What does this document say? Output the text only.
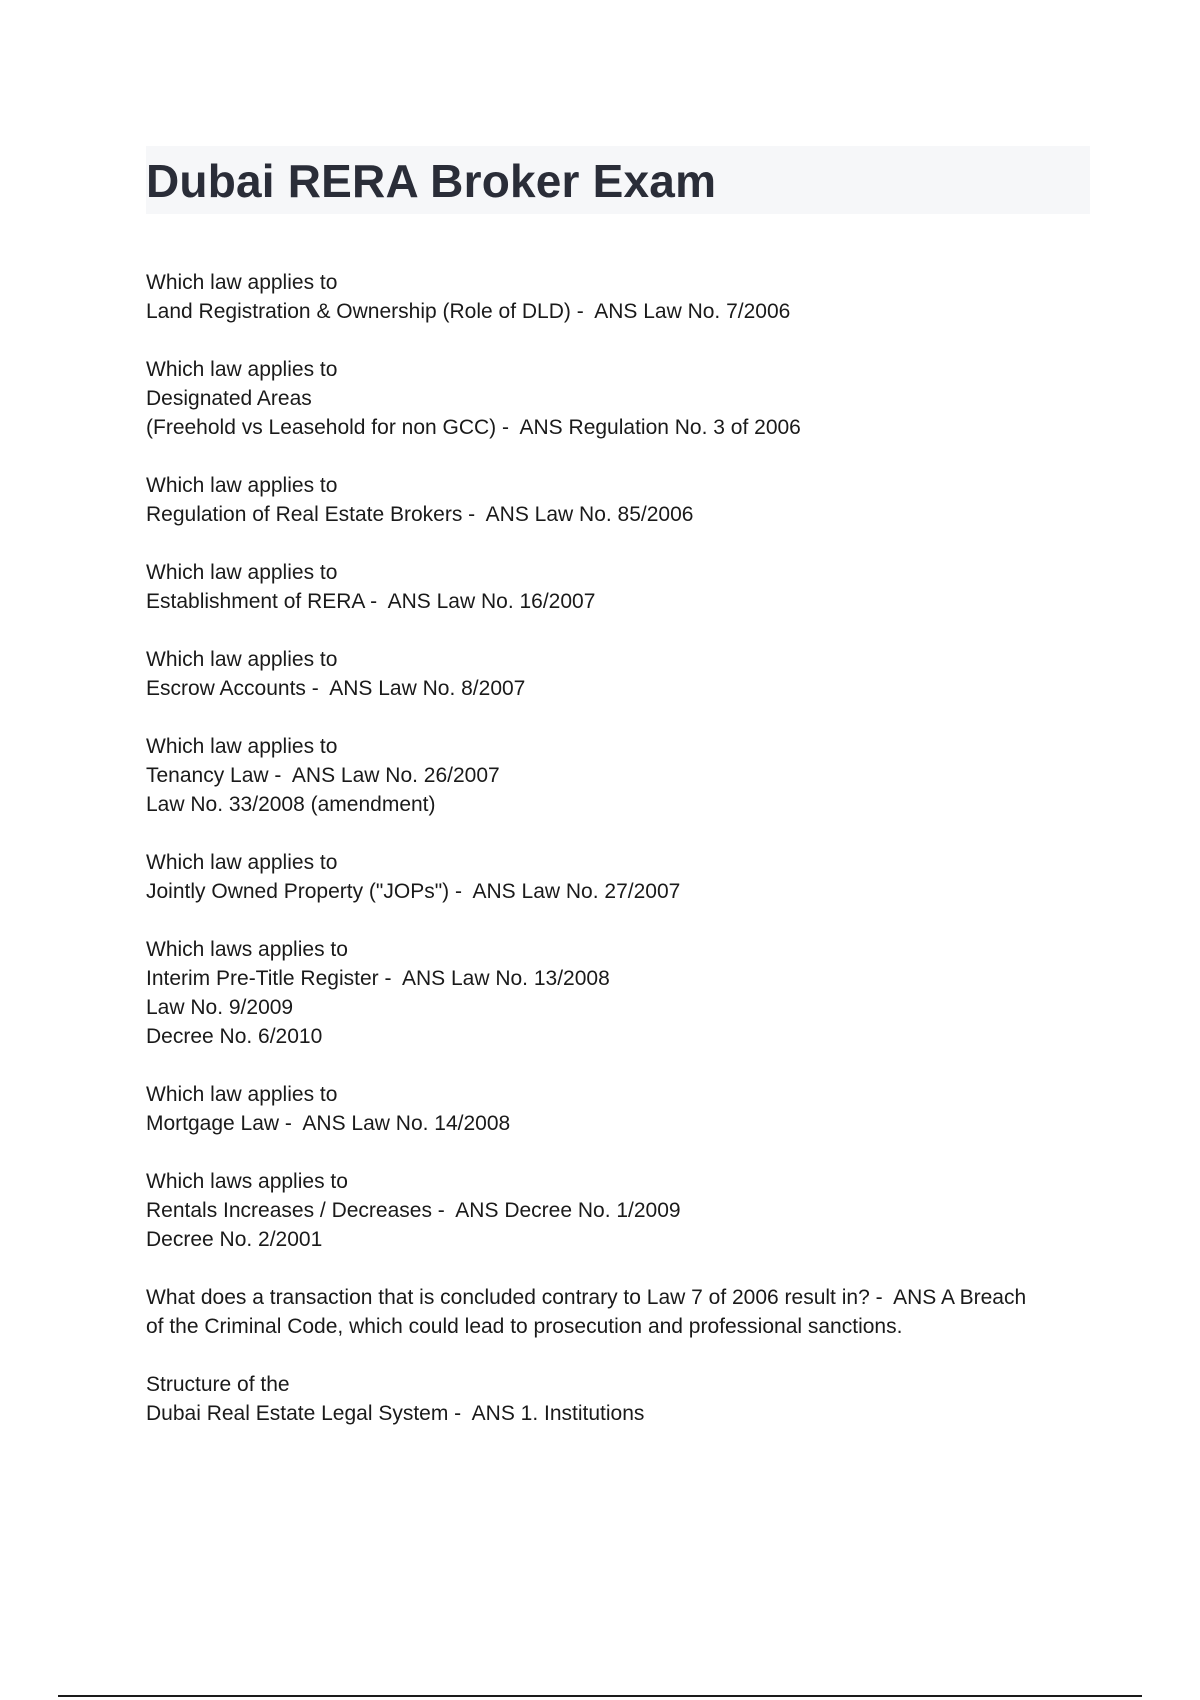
Dubai RERA Broker Exam
Which law applies to
Land Registration & Ownership (Role of DLD) -  ANS Law No. 7/2006
Which law applies to
Designated Areas
(Freehold vs Leasehold for non GCC) -  ANS Regulation No. 3 of 2006
Which law applies to
Regulation of Real Estate Brokers -  ANS Law No. 85/2006
Which law applies to
Establishment of RERA -  ANS Law No. 16/2007
Which law applies to
Escrow Accounts -  ANS Law No. 8/2007
Which law applies to
Tenancy Law -  ANS Law No. 26/2007
Law No. 33/2008 (amendment)
Which law applies to
Jointly Owned Property ("JOPs") -  ANS Law No. 27/2007
Which laws applies to
Interim Pre-Title Register -  ANS Law No. 13/2008
Law No. 9/2009
Decree No. 6/2010
Which law applies to
Mortgage Law -  ANS Law No. 14/2008
Which laws applies to
Rentals Increases / Decreases -  ANS Decree No. 1/2009
Decree No. 2/2001
What does a transaction that is concluded contrary to Law 7 of 2006 result in? -  ANS A Breach
of the Criminal Code, which could lead to prosecution and professional sanctions.
Structure of the
Dubai Real Estate Legal System -  ANS 1. Institutions
